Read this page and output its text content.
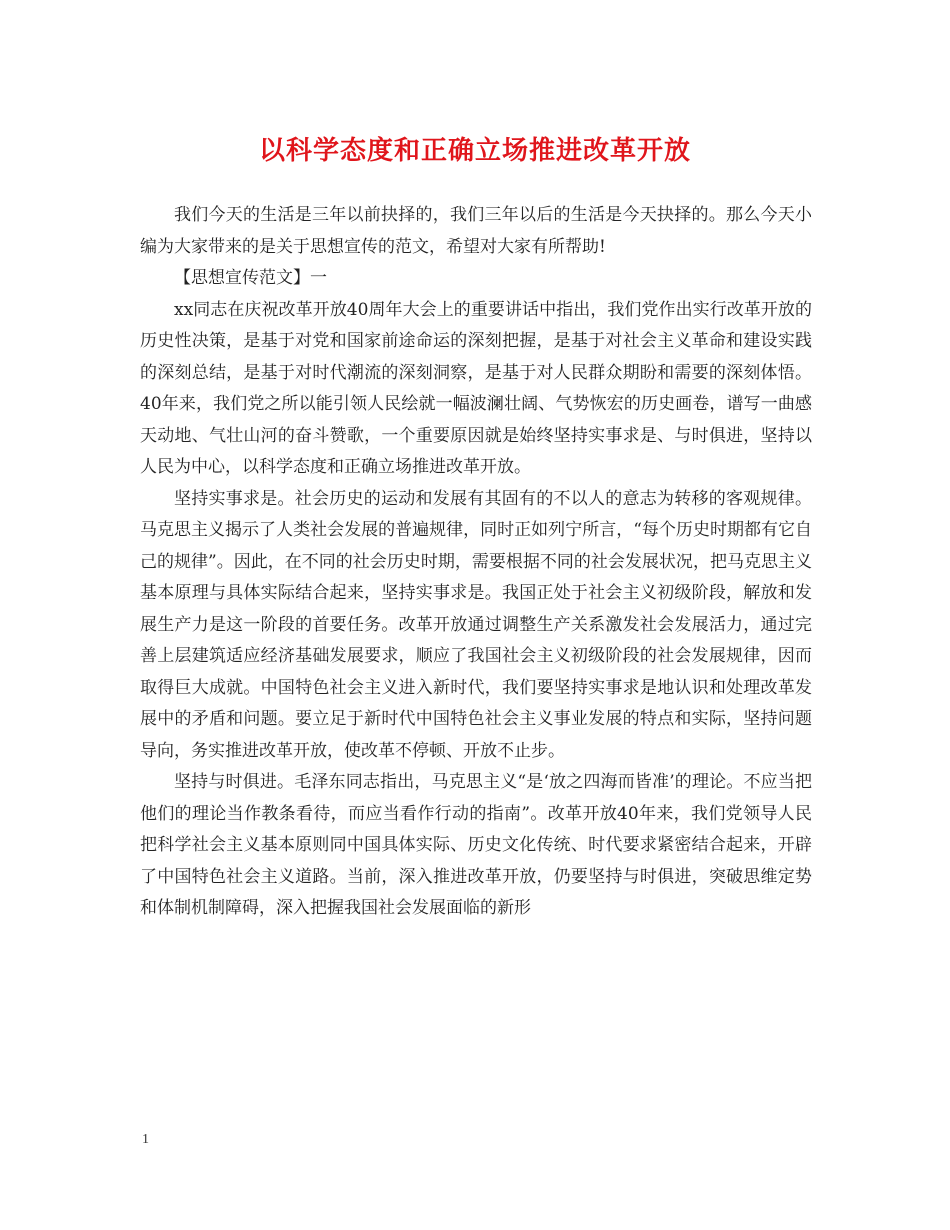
以科学态度和正确立场推进改革开放

我们今天的生活是三年以前抉择的，我们三年以后的生活是今天抉择的。那么今天小编为大家带来的是关于思想宣传的范文，希望对大家有所帮助!

【思想宣传范文】一

xx同志在庆祝改革开放40周年大会上的重要讲话中指出，我们党作出实行改革开放的历史性决策，是基于对党和国家前途命运的深刻把握，是基于对社会主义革命和建设实践的深刻总结，是基于对时代潮流的深刻洞察，是基于对人民群众期盼和需要的深刻体悟。40年来，我们党之所以能引领人民绘就一幅波澜壮阔、气势恢宏的历史画卷，谱写一曲感天动地、气壮山河的奋斗赞歌，一个重要原因就是始终坚持实事求是、与时俱进，坚持以人民为中心，以科学态度和正确立场推进改革开放。

坚持实事求是。社会历史的运动和发展有其固有的不以人的意志为转移的客观规律。马克思主义揭示了人类社会发展的普遍规律，同时正如列宁所言，“每个历史时期都有它自己的规律”。因此，在不同的社会历史时期，需要根据不同的社会发展状况，把马克思主义基本原理与具体实际结合起来，坚持实事求是。我国正处于社会主义初级阶段，解放和发展生产力是这一阶段的首要任务。改革开放通过调整生产关系激发社会发展活力，通过完善上层建筑适应经济基础发展要求，顺应了我国社会主义初级阶段的社会发展规律，因而取得巨大成就。中国特色社会主义进入新时代，我们要坚持实事求是地认识和处理改革发展中的矛盾和问题。要立足于新时代中国特色社会主义事业发展的特点和实际，坚持问题导向，务实推进改革开放，使改革不停顿、开放不止步。

坚持与时俱进。毛泽东同志指出，马克思主义“是‘放之四海而皆准’的理论。不应当把他们的理论当作教条看待，而应当看作行动的指南”。改革开放40年来，我们党领导人民把科学社会主义基本原则同中国具体实际、历史文化传统、时代要求紧密结合起来，开辟了中国特色社会主义道路。当前，深入推进改革开放，仍要坚持与时俱进，突破思维定势和体制机制障碍，深入把握我国社会发展面临的新形

1
